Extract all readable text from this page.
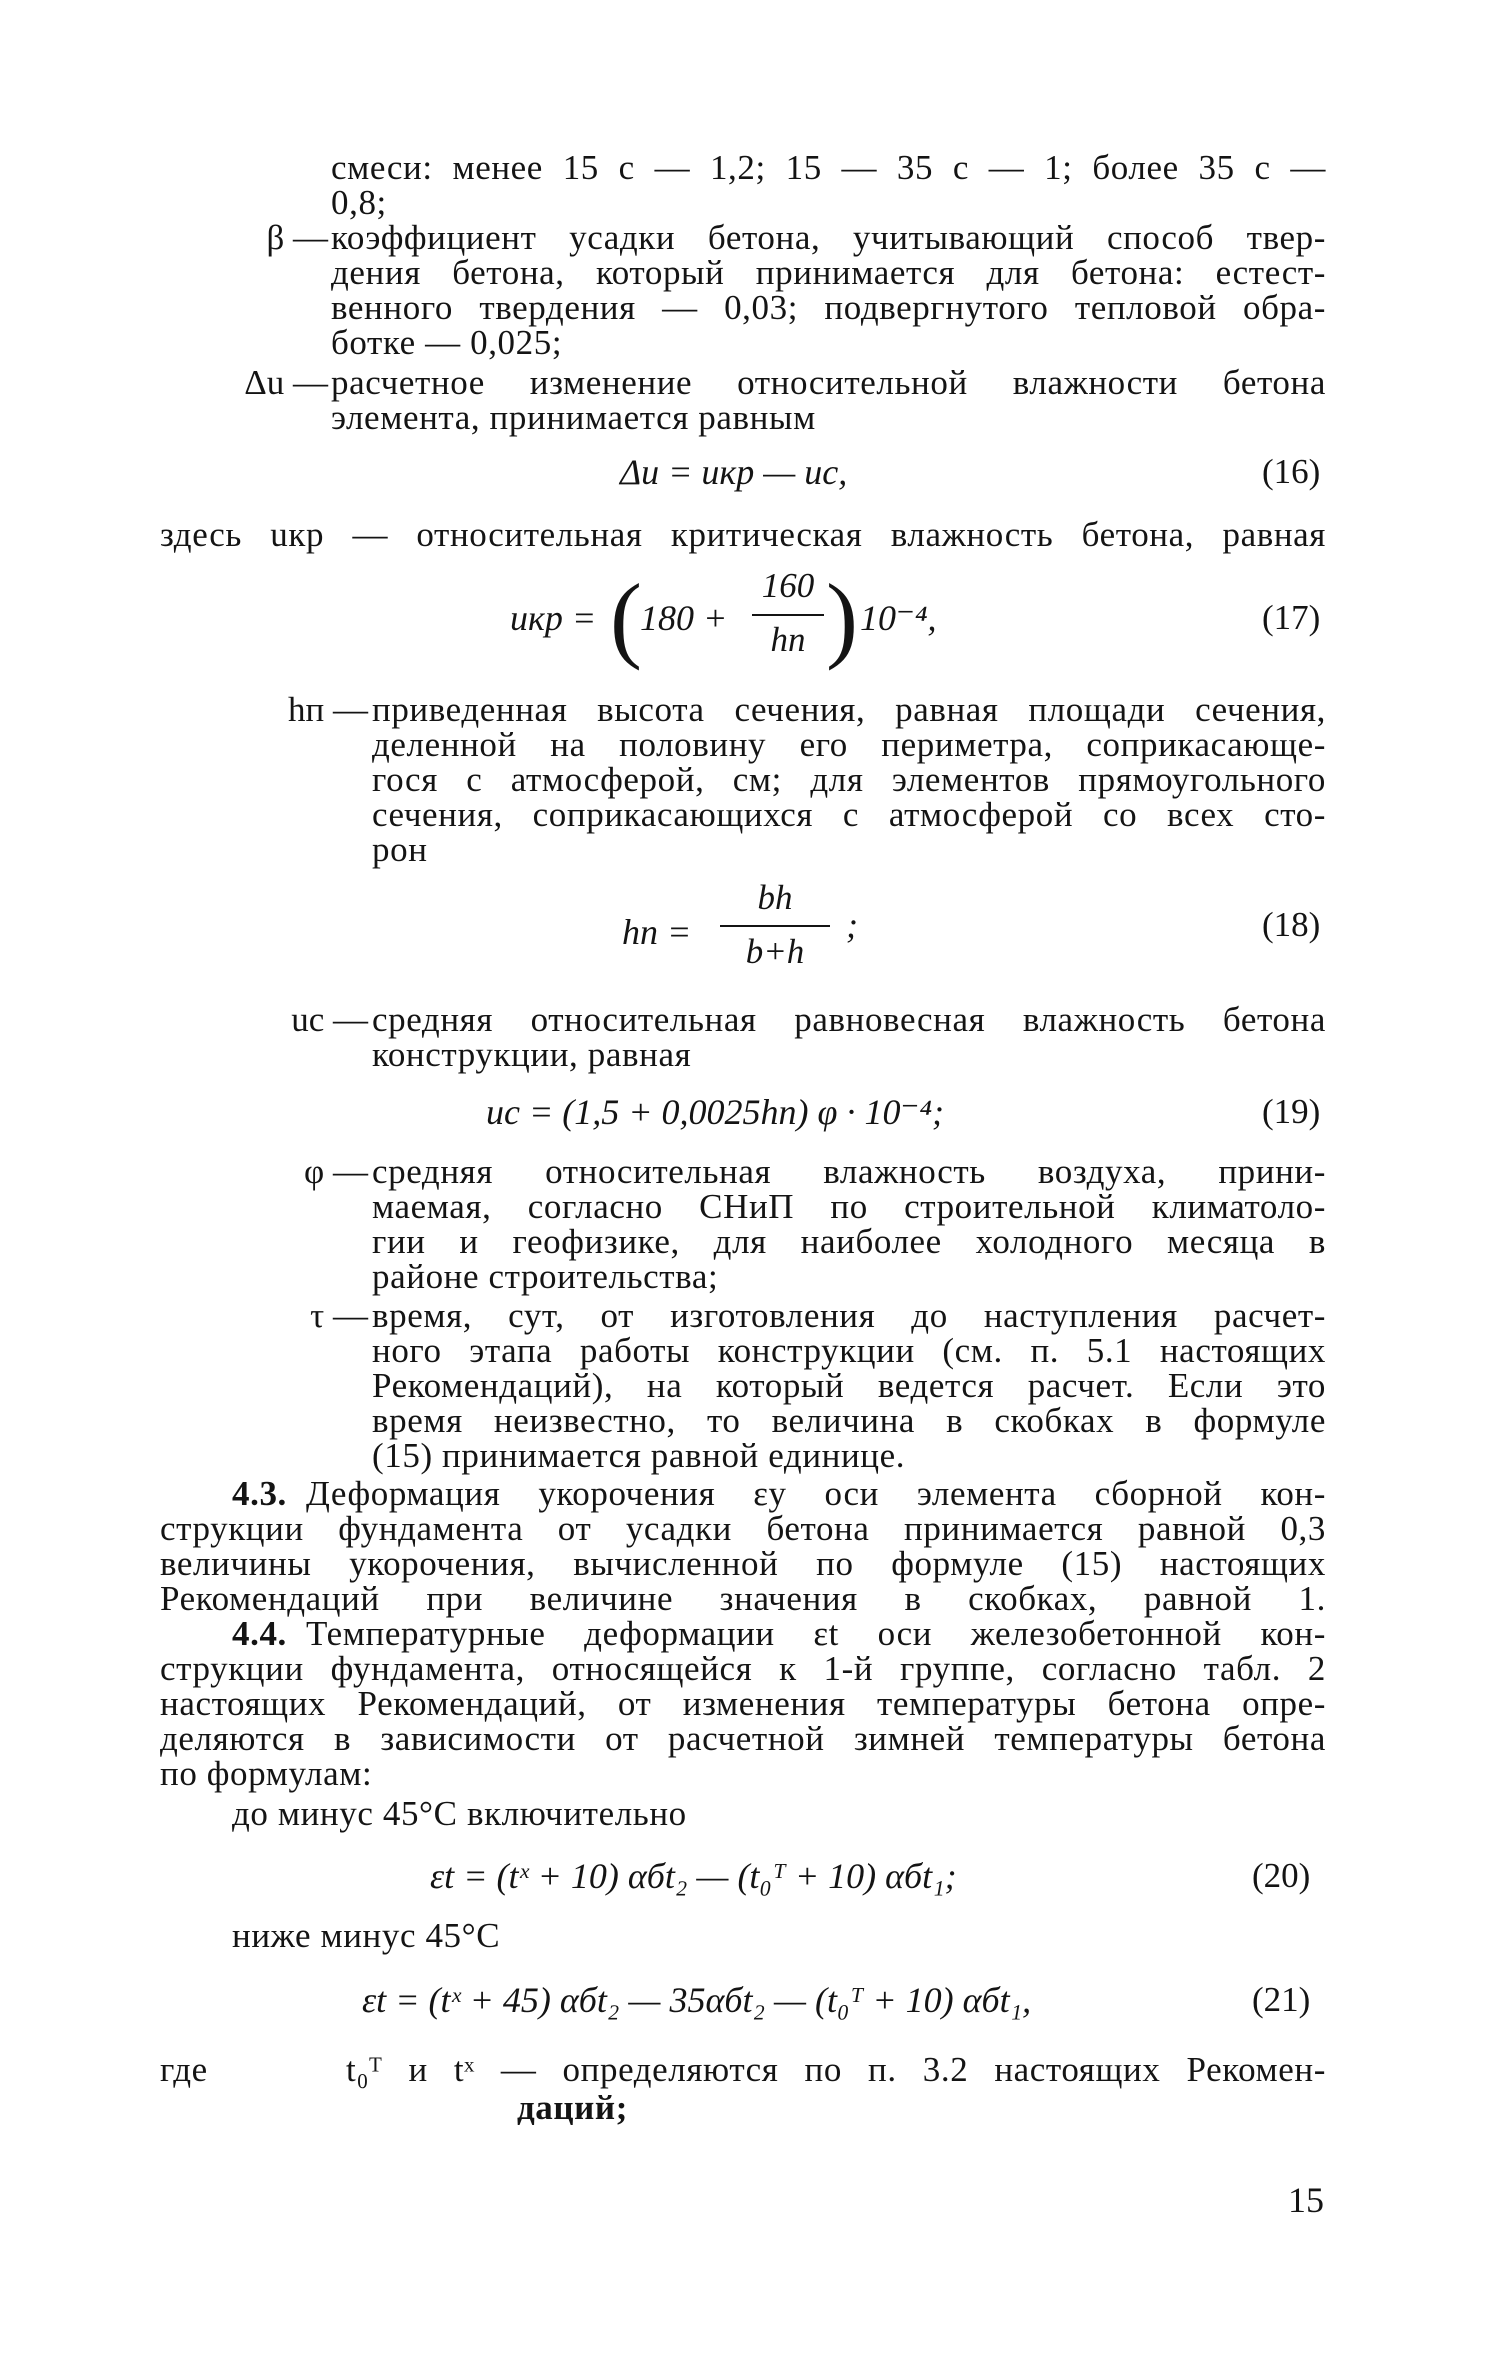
смеси: менее 15 с — 1,2; 15 — 35 с — 1; более 35 с —
0,8;
β — коэффициент усадки бетона, учитывающий способ твер-
дения бетона, который принимается для бетона: естест-
венного твердения — 0,03; подвергнутого тепловой обра-
ботке — 0,025;
Δu — расчетное изменение относительной влажности бетона
элемента, принимается равным
Δu = uкр — uс,	(16)
здесь uкр — относительная критическая влажность бетона, равная
uкр = (
180 +
160
hп ) 10⁻⁴,	(17)
hп — приведенная высота сечения, равная площади сечения,
деленной на половину его периметра, соприкасающе-
гося с атмосферой, см; для элементов прямоугольного
сечения, соприкасающихся с атмосферой со всех сто-
рон
hп =
bh
b+h
;	(18)
uс — средняя относительная равновесная влажность бетона
конструкции, равная
uс = (1,5 + 0,0025hп) φ · 10⁻⁴;	(19)
φ — средняя относительная влажность воздуха, прини-
маемая, согласно СНиП по строительной климатоло-
гии и геофизике, для наиболее холодного месяца в
районе строительства;
τ — время, сут, от изготовления до наступления расчет-
ного этапа работы конструкции (см. п. 5.1 настоящих
Рекомендаций), на который ведется расчет. Если это
время неизвестно, то величина в скобках в формуле
(15) принимается равной единице.
4.3. Деформация укорочения εу оси элемента сборной кон-
струкции фундамента от усадки бетона принимается равной 0,3
величины укорочения, вычисленной по формуле (15) настоящих
Рекомендаций при величине значения в скобках, равной 1.
4.4. Температурные деформации εt оси железобетонной кон-
струкции фундамента, относящейся к 1-й группе, согласно табл. 2
настоящих Рекомендаций, от изменения температуры бетона опре-
деляются в зависимости от расчетной зимней температуры бетона
по формулам:
до минус 45°С включительно
εt = (tˣ + 10) αбt₂ — (t₀ᵀ + 10) αбt₁;	(20)
ниже минус 45°С
εt = (tˣ + 45) αбt₂ — 35αбt₂ — (t₀ᵀ + 10) αбt₁,	(21)
где	t₀ᵀ и tˣ — определяются по п. 3.2 настоящих Рекомен-
даций;
15
